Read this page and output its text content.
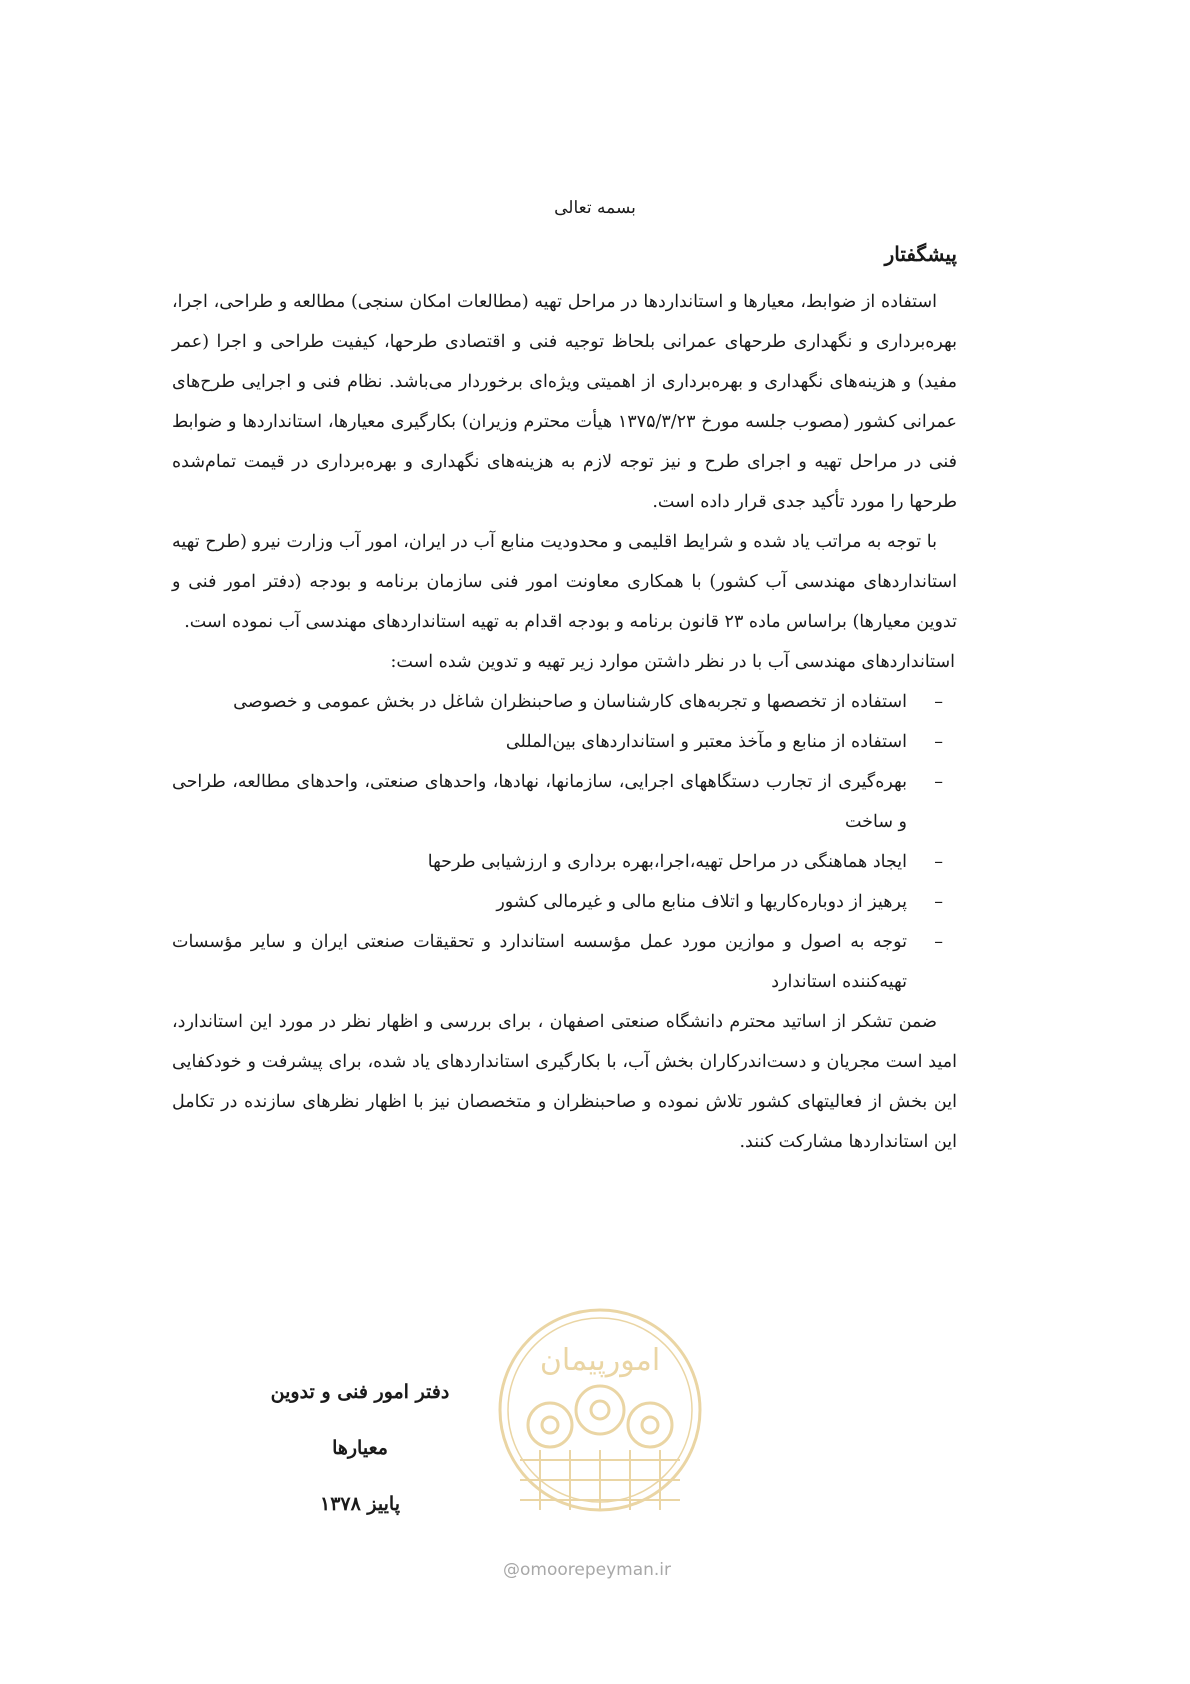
بسمه تعالی
پیشگفتار

استفاده از ضوابط، معیارها و استانداردها در مراحل تهیه (مطالعات امکان سنجی) مطالعه و طراحی، اجرا، بهره‌برداری و نگهداری طرحهای عمرانی بلحاظ توجیه فنی و اقتصادی طرحها، کیفیت طراحی و اجرا (عمر مفید) و هزینه‌های نگهداری و بهره‌برداری از اهمیتی ویژه‌ای برخوردار می‌باشد. نظام فنی و اجرایی طرح‌های عمرانی کشور (مصوب جلسه مورخ ۱۳۷۵/۳/۲۳ هیأت محترم وزیران) بکارگیری معیارها، استانداردها و ضوابط فنی در مراحل تهیه و اجرای طرح و نیز توجه لازم به هزینه‌های نگهداری و بهره‌برداری در قیمت تمام‌شده طرحها را مورد تأکید جدی قرار داده است.

با توجه به مراتب یاد شده و شرایط اقلیمی و محدودیت منابع آب در ایران، امور آب وزارت نیرو (طرح تهیه استانداردهای مهندسی آب کشور) با همکاری معاونت امور فنی سازمان برنامه و بودجه (دفتر امور فنی و تدوین معیارها) براساس ماده ۲۳ قانون برنامه و بودجه اقدام به تهیه استانداردهای مهندسی آب نموده است.

استانداردهای مهندسی آب با در نظر داشتن موارد زیر تهیه و تدوین شده است:

–
استفاده از تخصصها و تجربه‌های کارشناسان و صاحبنظران شاغل در بخش عمومی و خصوصی
–
استفاده از منابع و مآخذ معتبر و استانداردهای بین‌المللی
–
بهره‌گیری از تجارب دستگاههای اجرایی، سازمانها، نهادها، واحدهای صنعتی، واحدهای مطالعه، طراحی و ساخت
–
ایجاد هماهنگی در مراحل تهیه،اجرا،بهره برداری و ارزشیابی طرحها
–
پرهیز از دوباره‌کاریها و اتلاف منابع مالی و غیرمالی کشور
–
توجه به اصول و موازین مورد عمل مؤسسه استاندارد و تحقیقات صنعتی ایران و سایر مؤسسات تهیه‌کننده استاندارد

ضمن تشکر از اساتید محترم دانشگاه صنعتی اصفهان ، برای بررسی و اظهار نظر در مورد این استاندارد، امید است مجریان و دست‌اندرکاران بخش آب، با بکارگیری استانداردهای یاد شده، برای پیشرفت و خودکفایی این بخش از فعالیتهای کشور تلاش نموده و صاحبنظران و متخصصان نیز با اظهار نظرهای سازنده در تکامل این استانداردها مشارکت کنند.

دفتر امور فنی و تدوین
معیارها
پاییز ۱۳۷۸
امورپیمان
@omoorepeyman.ir
